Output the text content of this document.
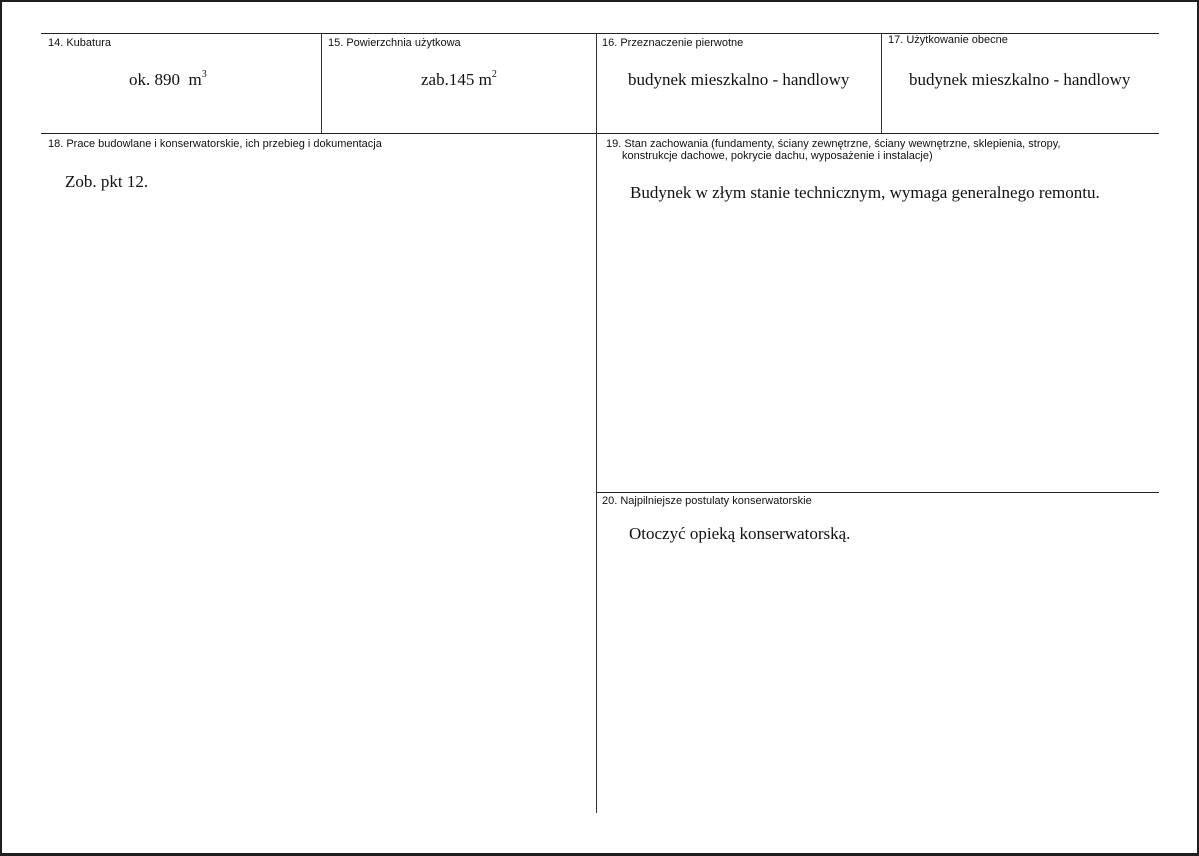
14. Kubatura
ok. 890 $m^3$
15. Powierzchnia użytkowa
zab.145 $m^2$
16. Przeznaczenie pierwotne
budynek mieszkalno - handlowy
17. Użytkowanie obecne
budynek mieszkalno - handlowy
18. Prace budowlane i konserwatorskie, ich przebieg i dokumentacja
Zob. pkt 12.
19. Stan zachowania (fundamenty, ściany zewnętrzne, ściany wewnętrzne, sklepienia, stropy,
konstrukcje dachowe, pokrycie dachu, wyposażenie i instalacje)
Budynek w złym stanie technicznym, wymaga generalnego remontu.
20. Najpilniejsze postulaty konserwatorskie
Otoczyć opieką konserwatorską.
